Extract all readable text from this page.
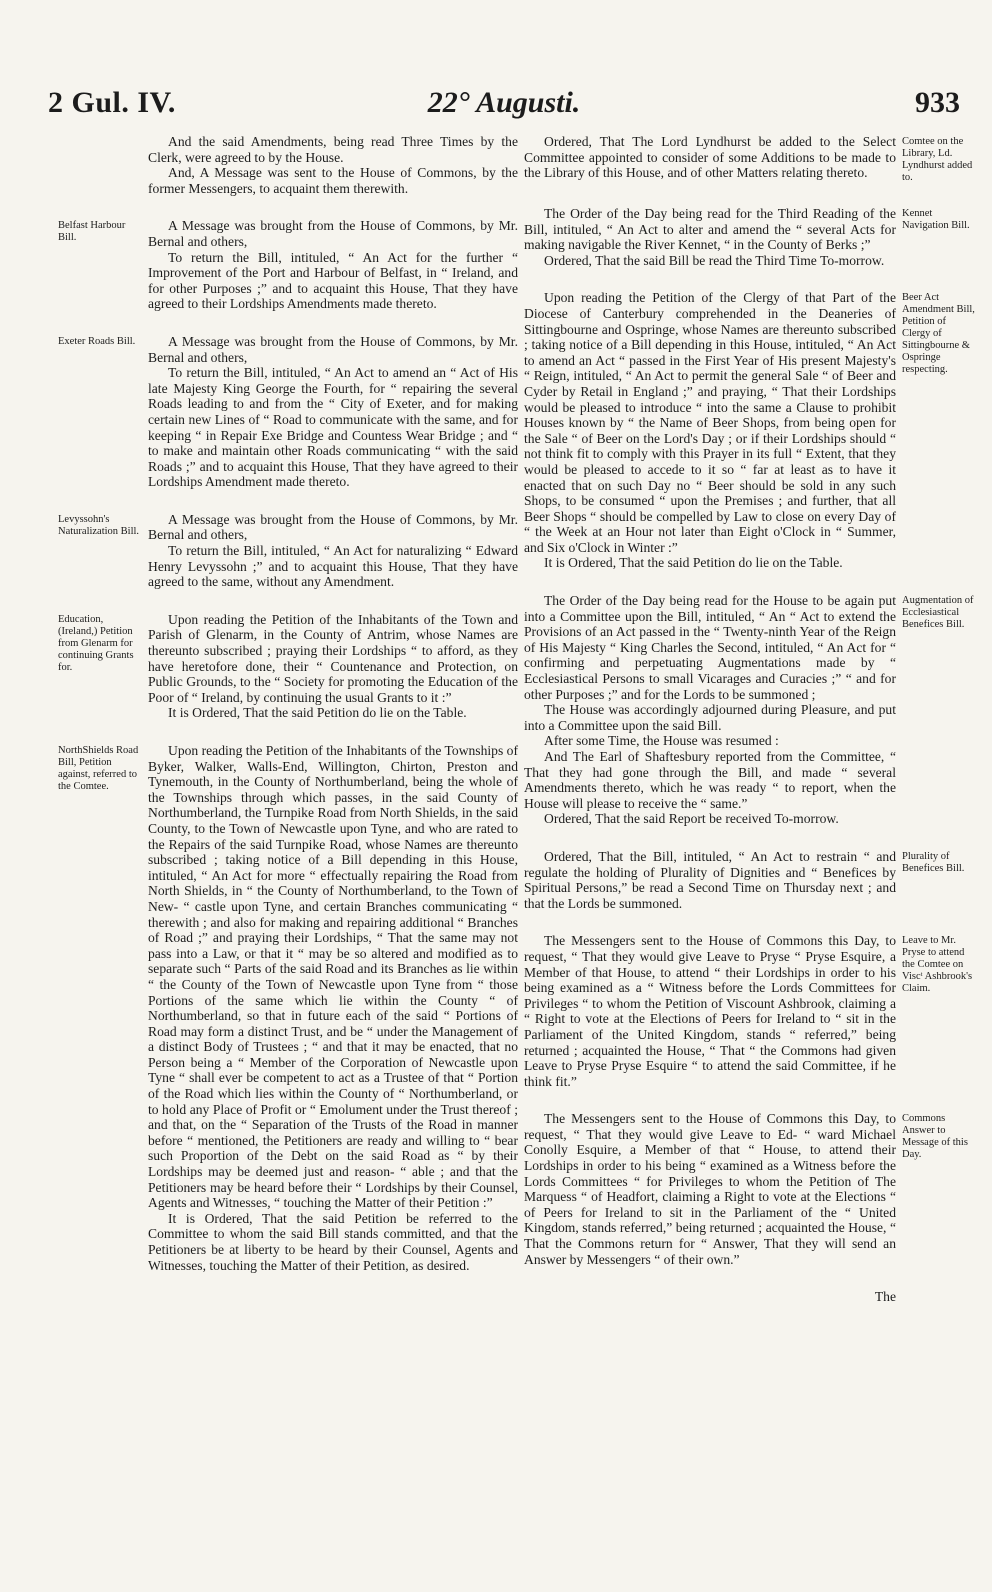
2 Gul. IV.	22° Augusti.	933

And the said Amendments, being read Three Times by the Clerk, were agreed to by the House.

And, A Message was sent to the House of Commons, by the former Messengers, to acquaint them therewith.

Belfast Harbour Bill.

A Message was brought from the House of Commons, by Mr. Bernal and others,

To return the Bill, intituled, “ An Act for the further “ Improvement of the Port and Harbour of Belfast, in “ Ireland, and for other Purposes ;” and to acquaint this House, That they have agreed to their Lordships Amendments made thereto.

Exeter Roads Bill.	A Message was brought from the House of Commons, by Mr. Bernal and others,

To return the Bill, intituled, “ An Act to amend an “ Act of His late Majesty King George the Fourth, for “ repairing the several Roads leading to and from the “ City of Exeter, and for making certain new Lines of “ Road to communicate with the same, and for keeping “ in Repair Exe Bridge and Countess Wear Bridge ; and “ to make and maintain other Roads communicating “ with the said Roads ;” and to acquaint this House, That they have agreed to their Lordships Amendment made thereto.

Levyssohn's Naturalization Bill.

A Message was brought from the House of Commons, by Mr. Bernal and others,

To return the Bill, intituled, “ An Act for naturalizing “ Edward Henry Levyssohn ;” and to acquaint this House, That they have agreed to the same, without any Amendment.

Education, (Ireland,) Petition from Glenarm for continuing Grants for.

Upon reading the Petition of the Inhabitants of the Town and Parish of Glenarm, in the County of Antrim, whose Names are thereunto subscribed ; praying their Lordships “ to afford, as they have heretofore done, their “ Countenance and Protection, on Public Grounds, to the “ Society for promoting the Education of the Poor of “ Ireland, by continuing the usual Grants to it :”

It is Ordered, That the said Petition do lie on the Table.

NorthShields Road Bill, Petition against, referred to the Comtee.

Upon reading the Petition of the Inhabitants of the Townships of Byker, Walker, Walls-End, Willington, Chirton, Preston and Tynemouth, in the County of Northumberland, being the whole of the Townships through which passes, in the said County of Northumberland, the Turnpike Road from North Shields, in the said County, to the Town of Newcastle upon Tyne, and who are rated to the Repairs of the said Turnpike Road, whose Names are thereunto subscribed ; taking notice of a Bill depending in this House, intituled, “ An Act for more “ effectually repairing the Road from North Shields, in “ the County of Northumberland, to the Town of New- “ castle upon Tyne, and certain Branches communicating “ therewith ; and also for making and repairing additional “ Branches of Road ;” and praying their Lordships, “ That the same may not pass into a Law, or that it “ may be so altered and modified as to separate such “ Parts of the said Road and its Branches as lie within “ the County of the Town of Newcastle upon Tyne from “ those Portions of the same which lie within the County “ of Northumberland, so that in future each of the said “ Portions of Road may form a distinct Trust, and be “ under the Management of a distinct Body of Trustees ; “ and that it may be enacted, that no Person being a “ Member of the Corporation of Newcastle upon Tyne “ shall ever be competent to act as a Trustee of that “ Portion of the Road which lies within the County of “ Northumberland, or to hold any Place of Profit or “ Emolument under the Trust thereof ; and that, on the “ Separation of the Trusts of the Road in manner before “ mentioned, the Petitioners are ready and willing to “ bear such Proportion of the Debt on the said Road as “ by their Lordships may be deemed just and reason- “ able ; and that the Petitioners may be heard before their “ Lordships by their Counsel, Agents and Witnesses, “ touching the Matter of their Petition :”

It is Ordered, That the said Petition be referred to the Committee to whom the said Bill stands committed, and that the Petitioners be at liberty to be heard by their Counsel, Agents and Witnesses, touching the Matter of their Petition, as desired.

Ordered, That The Lord Lyndhurst be added to the Select Committee appointed to consider of some Additions to be made to the Library of this House, and of other Matters relating thereto.

Comtee on the Library, Ld. Lyndhurst added to.

The Order of the Day being read for the Third Reading of the Bill, intituled, “ An Act to alter and amend the “ several Acts for making navigable the River Kennet, “ in the County of Berks ;”

Ordered, That the said Bill be read the Third Time To-morrow.

Kennet Navigation Bill.

Upon reading the Petition of the Clergy of that Part of the Diocese of Canterbury comprehended in the Deaneries of Sittingbourne and Ospringe, whose Names are thereunto subscribed ; taking notice of a Bill depending in this House, intituled, “ An Act to amend an Act “ passed in the First Year of His present Majesty's “ Reign, intituled, “ An Act to permit the general Sale “ of Beer and Cyder by Retail in England ;” and praying, “ That their Lordships would be pleased to introduce “ into the same a Clause to prohibit Houses known by “ the Name of Beer Shops, from being open for the Sale “ of Beer on the Lord's Day ; or if their Lordships should “ not think fit to comply with this Prayer in its full “ Extent, that they would be pleased to accede to it so “ far at least as to have it enacted that on such Day no “ Beer should be sold in any such Shops, to be consumed “ upon the Premises ; and further, that all Beer Shops “ should be compelled by Law to close on every Day of “ the Week at an Hour not later than Eight o'Clock in “ Summer, and Six o'Clock in Winter :”

It is Ordered, That the said Petition do lie on the Table.

Beer Act Amendment Bill, Petition of Clergy of Sittingbourne & Ospringe respecting.

The Order of the Day being read for the House to be again put into a Committee upon the Bill, intituled, “ An “ Act to extend the Provisions of an Act passed in the “ Twenty-ninth Year of the Reign of His Majesty “ King Charles the Second, intituled, “ An Act for “ confirming and perpetuating Augmentations made by “ Ecclesiastical Persons to small Vicarages and Curacies ;” “ and for other Purposes ;” and for the Lords to be summoned ;

The House was accordingly adjourned during Pleasure, and put into a Committee upon the said Bill.

After some Time, the House was resumed :

And The Earl of Shaftesbury reported from the Committee, “ That they had gone through the Bill, and made “ several Amendments thereto, which he was ready “ to report, when the House will please to receive the “ same.”

Ordered, That the said Report be received To-morrow.

Augmentation of Ecclesiastical Benefices Bill.

Ordered, That the Bill, intituled, “ An Act to restrain “ and regulate the holding of Plurality of Dignities and “ Benefices by Spiritual Persons,” be read a Second Time on Thursday next ; and that the Lords be summoned.

Plurality of Benefices Bill.

The Messengers sent to the House of Commons this Day, to request, “ That they would give Leave to Pryse “ Pryse Esquire, a Member of that House, to attend “ their Lordships in order to his being examined as a “ Witness before the Lords Committees for Privileges “ to whom the Petition of Viscount Ashbrook, claiming a “ Right to vote at the Elections of Peers for Ireland to “ sit in the Parliament of the United Kingdom, stands “ referred,” being returned ; acquainted the House, “ That “ the Commons had given Leave to Pryse Pryse Esquire “ to attend the said Committee, if he think fit.”

Leave to Mr. Pryse to attend the Comtee on Viscᵗ Ashbrook's Claim.

The Messengers sent to the House of Commons this Day, to request, “ That they would give Leave to Ed- “ ward Michael Conolly Esquire, a Member of that “ House, to attend their Lordships in order to his being “ examined as a Witness before the Lords Committees “ for Privileges to whom the Petition of The Marquess “ of Headfort, claiming a Right to vote at the Elections “ of Peers for Ireland to sit in the Parliament of the “ United Kingdom, stands referred,” being returned ; acquainted the House, “ That the Commons return for “ Answer, That they will send an Answer by Messengers “ of their own.”

Commons Answer to Message of this Day.
The
